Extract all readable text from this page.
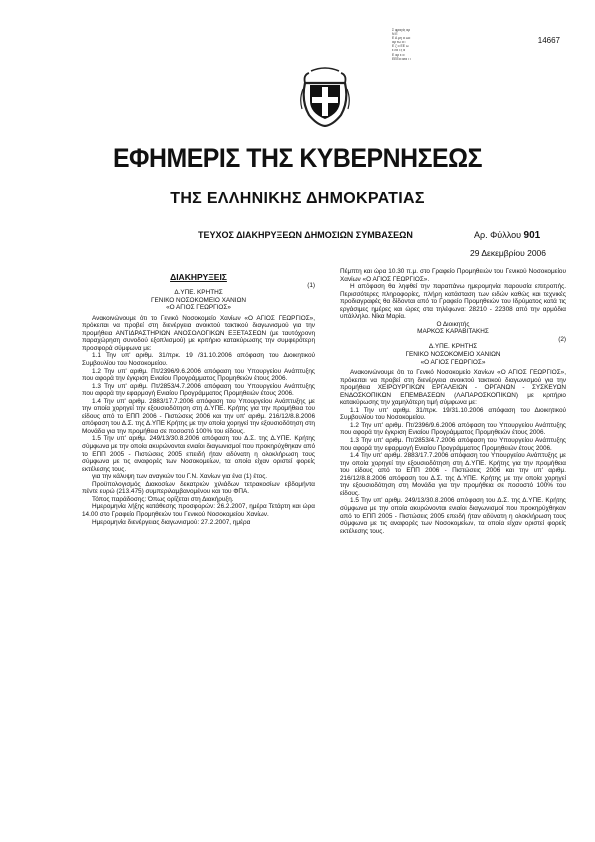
Σ φραγίς αρ
Ν Ε
Ε Α μη α ωο
αρ τω α ι
Ε ζ ο ΕΕ ω
ε εα ι ς α
Ε αρ ε α
ΕΕΕα αεα ι ι
14667
ΕΦΗΜΕΡΙΣ ΤΗΣ ΚΥΒΕΡΝΗΣΕΩΣ
ΤΗΣ ΕΛΛΗΝΙΚΗΣ ΔΗΜΟΚΡΑΤΙΑΣ
ΤΕΥΧΟΣ ΔΙΑΚΗΡΥΞΕΩΝ ΔΗΜΟΣΙΩΝ ΣΥΜΒΑΣΕΩΝ	Αρ. Φύλλου 901
29 Δεκεμβρίου 2006

ΔΙΑΚΗΡΥΞΕΙΣ

(1)

Δ.ΥΠΕ. ΚΡΗΤΗΣ

ΓΕΝΙΚΟ ΝΟΣΟΚΟΜΕΙΟ ΧΑΝΙΩΝ

«Ο ΑΓΙΟΣ ΓΕΩΡΓΙΟΣ»

Ανακοινώνουμε ότι το Γενικό Νοσοκομείο Χανίων «Ο ΑΓΙΟΣ ΓΕΩΡΓΙΟΣ», πρόκειται να προβεί στη διενέργεια ανοικτού τακτικού διαγωνισμού για την προμήθεια ΑΝΤΙΔΡΑΣΤΗΡΙΩΝ ΑΝΟΣΟΛΟΓΙΚΩΝ ΕΞΕΤΑΣΕΩΝ (με ταυτόχρονη παραχώρηση συνοδού εξοπλισμού) με κριτήριο κατακύρωσης την συμφερότερη προσφορά σύμφωνα με:

1.1 Την υπ' αριθμ. 31/πρκ. 19 /31.10.2006 απόφαση του Διοικητικού Συμβουλίου του Νοσοκομείου.

1.2 Την υπ' αριθμ. Πτ/2396/9.6.2006 απόφαση του Υπουργείου Ανάπτυξης που αφορά την έγκριση Ενιαίου Προγράμματος Προμηθειών έτους 2006.

1.3 Την υπ' αριθμ. Πτ/2853/4.7.2006 απόφαση του Υπουργείου Ανάπτυξης που αφορά την εφαρμογή Ενιαίου Προγράμματος Προμηθειών έτους 2006.

1.4 Την υπ' αριθμ. 2883/17.7.2006 απόφαση του Υπουργείου Ανάπτυξης με την οποία χορηγεί την εξουσιοδότηση στη Δ.ΥΠΕ. Κρήτης για την προμήθεια του είδους από το ΕΠΠ 2006 - Πιστώσεις 2006 και την υπ' αριθμ. 216/12/8.8.2006 απόφαση του Δ.Σ. της Δ.ΥΠΕ Κρήτης με την οποία χορηγεί την εξουσιοδότηση στη Μονάδα για την προμήθεια σε ποσοστό 100% του είδους.

1.5 Την υπ' αριθμ. 249/13/30.8.2006 απόφαση του Δ.Σ. της Δ.ΥΠΕ. Κρήτης σύμφωνα με την οποία ακυρώνονται ενιαίοι διαγωνισμοί που προκηρύχθηκαν από το ΕΠΠ 2005 - Πιστώσεις 2005 επειδή ήταν αδύνατη η ολοκλήρωση τους σύμφωνα με τις αναφορές των Νοσοκομείων, τα οποία είχαν οριστεί φορείς εκτέλεσης τους.

για την κάλυψη των αναγκών του Γ.Ν. Χανίων για ένα (1) έτος.

Προϋπολογισμός Διακοσίων δεκατριών χιλιάδων τετρακοσίων εβδομήντα πέντε ευρώ (213.475) συμπεριλαμβανομένου και του ΦΠΑ.

Τόπος παράδοσης: Όπως ορίζεται στη Διακήρυξη.

Ημερομηνία λήξης κατάθεσης προσφορών: 26.2.2007, ημέρα Τετάρτη και ώρα 14.00 στο Γραφείο Προμηθειών του Γενικού Νοσοκομείου Χανίων.

Ημερομηνία διενέργειας διαγωνισμού: 27.2.2007, ημέρα

Πέμπτη και ώρα 10.30 π.μ. στο Γραφείο Προμηθειών του Γενικού Νοσοκομείου Χανίων «Ο ΑΓΙΟΣ ΓΕΩΡΓΙΟΣ».

Η απόφαση θα ληφθεί την παραπάνω ημερομηνία παρουσία επιτροπής. Περισσότερες πληροφορίες, πλήρη κατάσταση των ειδών καθώς και τεχνικές προδιαγραφές θα δίδονται από το Γραφείο Προμηθειών του Ιδρύματος κατά τις εργάσιμες ημέρες και ώρες στα τηλέφωνα: 28210 - 22308 από την αρμόδια υπάλληλο. Νίκα Μαρία.

Ο Διοικητής

ΜΑΡΚΟΣ ΚΑΡΑΒΙΤΑΚΗΣ

(2)

Δ.ΥΠΕ. ΚΡΗΤΗΣ

ΓΕΝΙΚΟ ΝΟΣΟΚΟΜΕΙΟ ΧΑΝΙΩΝ

«Ο ΑΓΙΟΣ ΓΕΩΡΓΙΟΣ»

Ανακοινώνουμε ότι το Γενικό Νοσοκομείο Χανίων «Ο ΑΓΙΟΣ ΓΕΩΡΓΙΟΣ», πρόκειται να προβεί στη διενέργεια ανοικτού τακτικού διαγωνισμού για την προμήθεια ΧΕΙΡΟΥΡΓΙΚΩΝ ΕΡΓΑΛΕΙΩΝ - ΟΡΓΑΝΩΝ - ΣΥΣΚΕΥΩΝ ΕΝΔΟΣΚΟΠΙΚΩΝ ΕΠΕΜΒΑΣΕΩΝ (ΛΑΠΑΡΟΣΚΟΠΙΚΩΝ) με κριτήριο κατακύρωσης την χαμηλότερη τιμή σύμφωνα με:

1.1 Την υπ' αριθμ. 31/πρκ. 19/31.10.2006 απόφαση του Διοικητικού Συμβουλίου του Νοσοκομείου.

1.2 Την υπ' αριθμ. Πτ/2396/9.6.2006 απόφαση του Υπουργείου Ανάπτυξης που αφορά την έγκριση Ενιαίου Προγράμματος Προμηθειών έτους 2006.

1.3 Την υπ' αριθμ. Πτ/2853/4.7.2006 απόφαση του Υπουργείου Ανάπτυξης που αφορά την εφαρμογή Ενιαίου Προγράμματος Προμηθειών έτους 2006.

1.4 Την υπ' αριθμ. 2883/17.7.2006 απόφαση του Υπουργείου Ανάπτυξης με την οποία χορηγεί την εξουσιοδότηση στη Δ.ΥΠΕ. Κρήτης για την προμήθεια του είδους από το ΕΠΠ 2006 - Πιστώσεις 2006 και την υπ' αριθμ. 216/12/8.8.2006 απόφαση του Δ.Σ. της Δ.ΥΠΕ. Κρήτης με την οποία χορηγεί την εξουσιοδότηση στη Μονάδα για την προμήθεια σε ποσοστό 100% του είδους.

1.5 Την υπ' αριθμ. 249/13/30.8.2006 απόφαση του Δ.Σ. της Δ.ΥΠΕ. Κρήτης σύμφωνα με την οποία ακυρώνονται ενιαίοι διαγωνισμοί που προκηρύχθηκαν από το ΕΠΠ 2005 - Πιστώσεις 2005 επειδή ήταν αδύνατη η ολοκλήρωση τους σύμφωνα με τις αναφορές των Νοσοκομείων, τα οποία είχαν οριστεί φορείς εκτέλεσης τους.
